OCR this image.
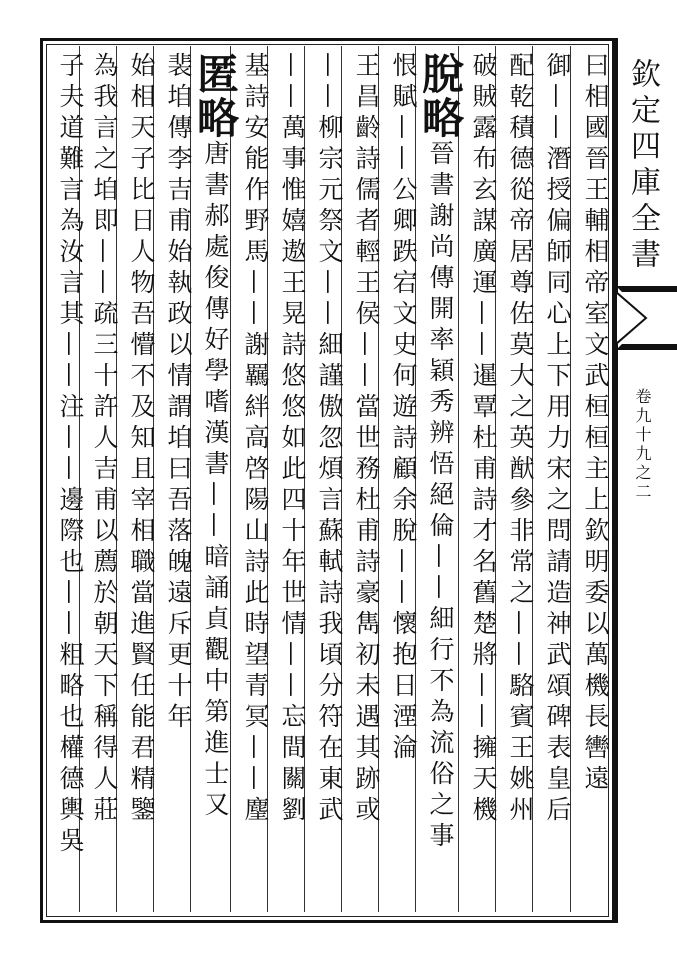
欽定四庫全書
卷九十九之二
曰相國晉王輔相帝室文武桓桓主上欽明委以萬機長轡遠
御——潛授偏師同心上下用力宋之問請造神武頌碑表皇后
配乾積德從帝居尊佐莫大之英猷參非常之——駱賓王姚州
破賊露布玄謀廣運——暹覃杜甫詩才名舊楚將——擁天機
脫略晉書謝尚傳開率穎秀辨悟絕倫——細行不為流俗之事
恨賦——公卿跌宕文史何遊詩顧余脫——懷抱日湮淪
王昌齡詩儒者輕王侯——當世務杜甫詩豪雋初未遇其跡或
——柳宗元祭文——細謹傲忽煩言蘇軾詩我頃分符在東武
——萬事惟嬉遨王晃詩悠悠如此四十年世情——忘間關劉
基詩安能作野馬——謝羈絆高啓陽山詩此時望青冥——麈
匿略唐書郝處俊傳好學嗜漢書——暗誦貞觀中第進士又
裴垍傳李吉甫始執政以情謂垍曰吾落魄遠斥更十年
始相天子比日人物吾懵不及知且宰相職當進賢任能君精鑒
為我言之垍即——疏三十許人吉甫以薦於朝天下稱得人莊
子夫道難言為汝言其——注——邊際也——粗略也權德輿吳
